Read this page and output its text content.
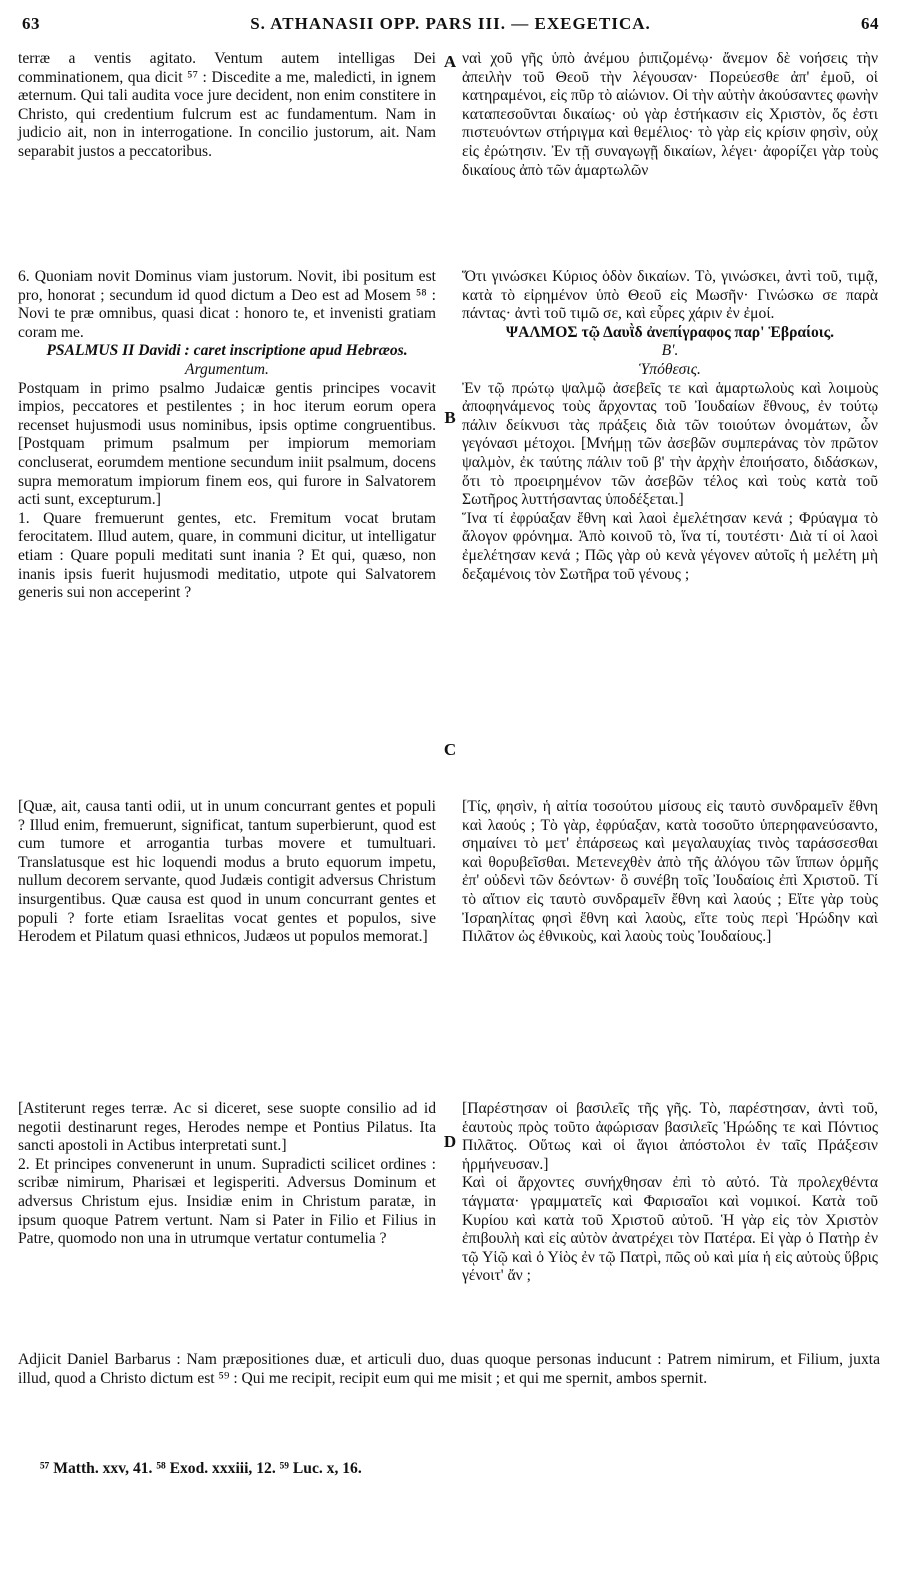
63	S. ATHANASII OPP. PARS III. — EXEGETICA.	64

terræ a ventis agitato. Ventum autem intelligas Dei comminationem, qua dicit ⁵⁷ : Discedite a me, maledicti, in ignem æternum. Qui tali audita voce jure decident, non enim constitere in Christo, qui credentium fulcrum est ac fundamentum. Nam in judicio ait, non in interrogatione. In concilio justorum, ait. Nam separabit justos a peccatoribus.

6. Quoniam novit Dominus viam justorum. Novit, ibi positum est pro, honorat ; secundum id quod dictum a Deo est ad Mosem ⁵⁸ : Novi te præ omnibus, quasi dicat : honoro te, et invenisti gratiam coram me.

PSALMUS II Davidi : caret inscriptione apud Hebræos.

Argumentum.

Postquam in primo psalmo Judaicæ gentis principes vocavit impios, peccatores et pestilentes ; in hoc iterum eorum opera recenset hujusmodi usus nominibus, ipsis optime congruentibus. [Postquam primum psalmum per impiorum memoriam concluserat, eorumdem mentione secundum iniit psalmum, docens supra memoratum impiorum finem eos, qui furore in Salvatorem acti sunt, excepturum.]

1. Quare fremuerunt gentes, etc. Fremitum vocat brutam ferocitatem. Illud autem, quare, in communi dicitur, ut intelligatur etiam : Quare populi meditati sunt inania ? Et qui, quæso, non inanis ipsis fuerit hujusmodi meditatio, utpote qui Salvatorem generis sui non acceperint ?

[Quæ, ait, causa tanti odii, ut in unum concurrant gentes et populi ? Illud enim, fremuerunt, significat, tantum superbierunt, quod est cum tumore et arrogantia turbas movere et tumultuari. Translatusque est hic loquendi modus a bruto equorum impetu, nullum decorem servante, quod Judæis contigit adversus Christum insurgentibus. Quæ causa est quod in unum concurrant gentes et populi ? forte etiam Israelitas vocat gentes et populos, sive Herodem et Pilatum quasi ethnicos, Judæos ut populos memorat.]

[Astiterunt reges terræ. Ac si diceret, sese suopte consilio ad id negotii destinarunt reges, Herodes nempe et Pontius Pilatus. Ita sancti apostoli in Actibus interpretati sunt.]

2. Et principes convenerunt in unum. Supradicti scilicet ordines : scribæ nimirum, Pharisæi et legisperiti. Adversus Dominum et adversus Christum ejus. Insidiæ enim in Christum paratæ, in ipsum quoque Patrem vertunt. Nam si Pater in Filio et Filius in Patre, quomodo non una in utrumque vertatur contumelia ?

A
B
C
D

ναὶ χοῦ γῆς ὑπὸ ἀνέμου ῥιπιζομένῳ· ἄνεμον δὲ νοήσεις τὴν ἀπειλὴν τοῦ Θεοῦ τὴν λέγουσαν· Πορεύεσθε ἀπ' ἐμοῦ, οἱ κατηραμένοι, εἰς πῦρ τὸ αἰώνιον. Οἱ τὴν αὐτὴν ἀκούσαντες φωνὴν καταπεσοῦνται δικαίως· οὐ γὰρ ἑστήκασιν εἰς Χριστὸν, ὅς ἐστι πιστευόντων στήριγμα καὶ θεμέλιος· τὸ γὰρ εἰς κρίσιν φησὶν, οὐχ εἰς ἐρώτησιν. Ἐν τῇ συναγωγῇ δικαίων, λέγει· ἀφορίζει γὰρ τοὺς δικαίους ἀπὸ τῶν ἁμαρτωλῶν

Ὅτι γινώσκει Κύριος ὁδὸν δικαίων. Τὸ, γινώσκει, ἀντὶ τοῦ, τιμᾷ, κατὰ τὸ εἰρημένον ὑπὸ Θεοῦ εἰς Μωσῆν· Γινώσκω σε παρὰ πάντας· ἀντὶ τοῦ τιμῶ σε, καὶ εὗρες χάριν ἐν ἐμοί.

ΨΑΛΜΟΣ τῷ Δαυῒδ ἀνεπίγραφος παρ' Ἑβραίοις.

Β'.

Ὑπόθεσις.

Ἐν τῷ πρώτῳ ψαλμῷ ἀσεβεῖς τε καὶ ἁμαρτωλοὺς καὶ λοιμοὺς ἀποφηνάμενος τοὺς ἄρχοντας τοῦ Ἰουδαίων ἔθνους, ἐν τούτῳ πάλιν δείκνυσι τὰς πράξεις διὰ τῶν τοιούτων ὀνομάτων, ὧν γεγόνασι μέτοχοι. [Μνήμῃ τῶν ἀσεβῶν συμπεράνας τὸν πρῶτον ψαλμὸν, ἐκ ταύτης πάλιν τοῦ β' τὴν ἀρχὴν ἐποιήσατο, διδάσκων, ὅτι τὸ προειρημένον τῶν ἀσεβῶν τέλος καὶ τοὺς κατὰ τοῦ Σωτῆρος λυττήσαντας ὑποδέξεται.]

Ἵνα τί ἐφρύαξαν ἔθνη καὶ λαοὶ ἐμελέτησαν κενά ; Φρύαγμα τὸ ἄλογον φρόνημα. Ἀπὸ κοινοῦ τὸ, ἵνα τί, τουτέστι· Διὰ τί οἱ λαοὶ ἐμελέτησαν κενά ; Πῶς γὰρ οὐ κενὰ γέγονεν αὐτοῖς ἡ μελέτη μὴ δεξαμένοις τὸν Σωτῆρα τοῦ γένους ;

[Τίς, φησὶν, ἡ αἰτία τοσούτου μίσους εἰς ταυτὸ συνδραμεῖν ἔθνη καὶ λαούς ; Τὸ γὰρ, ἐφρύαξαν, κατὰ τοσοῦτο ὑπερηφανεύσαντο, σημαίνει τὸ μετ' ἐπάρσεως καὶ μεγαλαυχίας τινὸς ταράσσεσθαι καὶ θορυβεῖσθαι. Μετενεχθὲν ἀπὸ τῆς ἀλόγου τῶν ἵππων ὁρμῆς ἐπ' οὐδενὶ τῶν δεόντων· ὃ συνέβη τοῖς Ἰουδαίοις ἐπὶ Χριστοῦ. Τί τὸ αἴτιον εἰς ταυτὸ συνδραμεῖν ἔθνη καὶ λαούς ; Εἴτε γὰρ τοὺς Ἰσραηλίτας φησὶ ἔθνη καὶ λαοὺς, εἴτε τοὺς περὶ Ἡρώδην καὶ Πιλᾶτον ὡς ἐθνικοὺς, καὶ λαοὺς τοὺς Ἰουδαίους.]

[Παρέστησαν οἱ βασιλεῖς τῆς γῆς. Τὸ, παρέστησαν, ἀντὶ τοῦ, ἑαυτοὺς πρὸς τοῦτο ἀφώρισαν βασιλεῖς Ἡρώδης τε καὶ Πόντιος Πιλᾶτος. Οὕτως καὶ οἱ ἅγιοι ἀπόστολοι ἐν ταῖς Πράξεσιν ἡρμήνευσαν.]

Καὶ οἱ ἄρχοντες συνήχθησαν ἐπὶ τὸ αὐτό. Τὰ προλεχθέντα τάγματα· γραμματεῖς καὶ Φαρισαῖοι καὶ νομικοί. Κατὰ τοῦ Κυρίου καὶ κατὰ τοῦ Χριστοῦ αὐτοῦ. Ἡ γὰρ εἰς τὸν Χριστὸν ἐπιβουλὴ καὶ εἰς αὐτὸν ἀνατρέχει τὸν Πατέρα. Εἰ γὰρ ὁ Πατὴρ ἐν τῷ Υἱῷ καὶ ὁ Υἱὸς ἐν τῷ Πατρὶ, πῶς οὐ καὶ μία ἡ εἰς αὐτοὺς ὕβρις γένοιτ' ἄν ;

Adjicit Daniel Barbarus : Nam præpositiones duæ, et articuli duo, duas quoque personas inducunt : Patrem nimirum, et Filium, juxta illud, quod a Christo dictum est ⁵⁹ : Qui me recipit, recipit eum qui me misit ; et qui me spernit, ambos spernit.
⁵⁷ Matth. xxv, 41. ⁵⁸ Exod. xxxiii, 12. ⁵⁹ Luc. x, 16.
